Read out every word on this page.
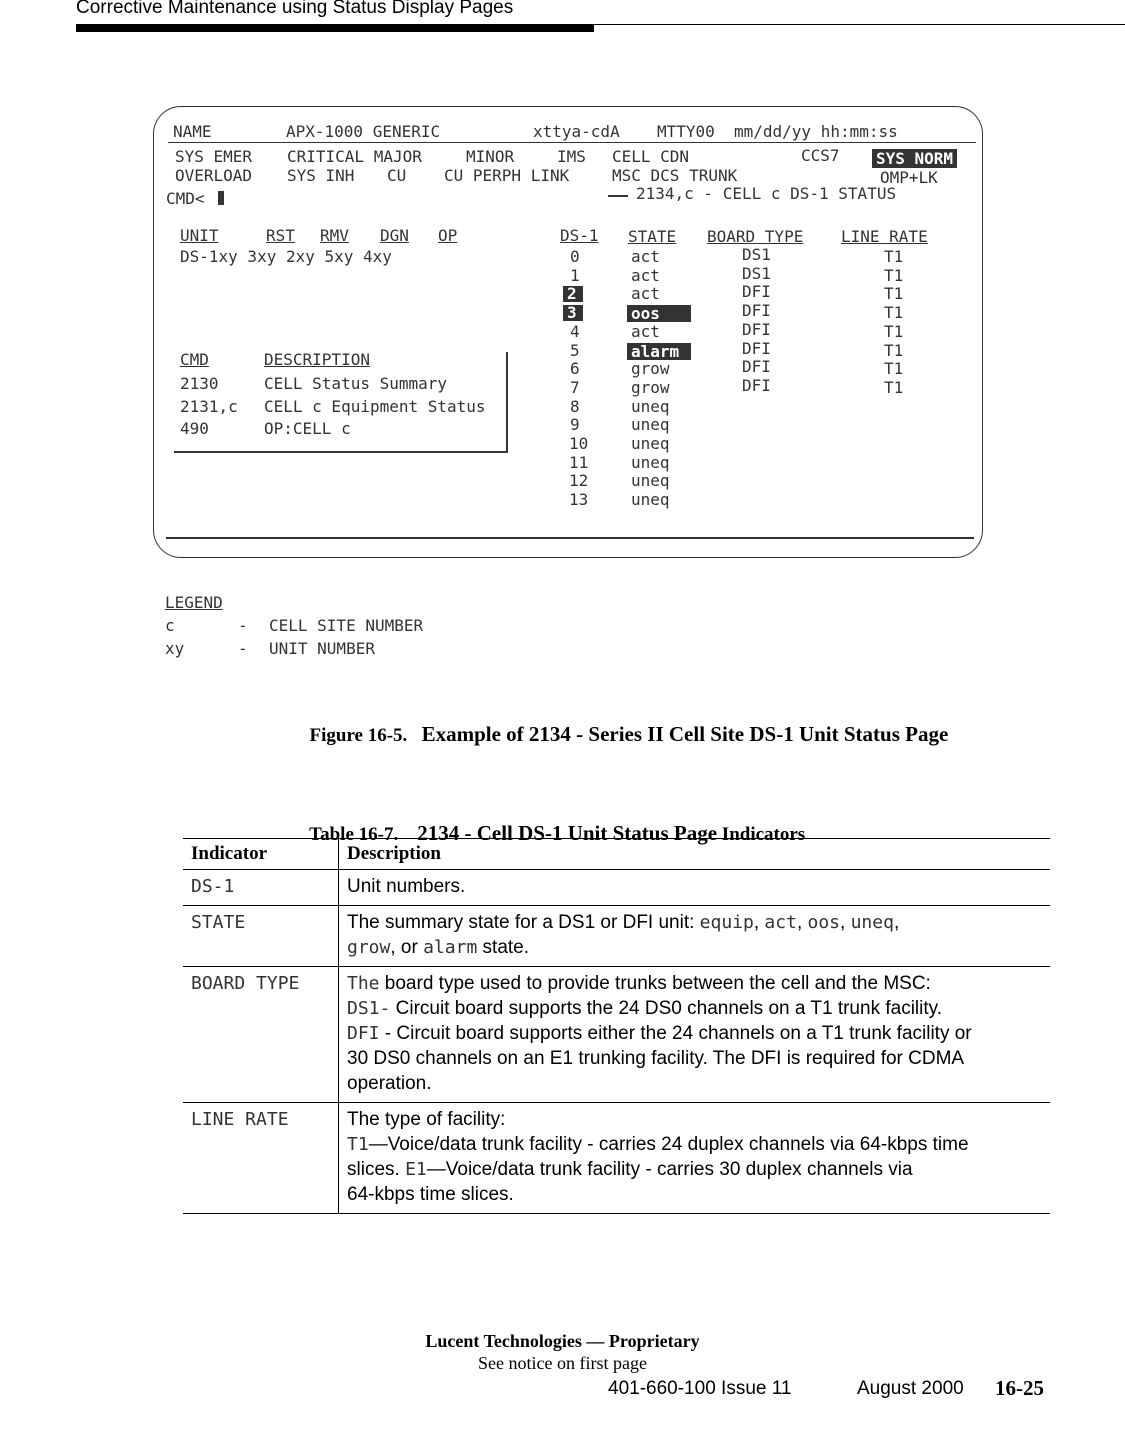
Corrective Maintenance using Status Display Pages
NAME	APX-1000 GENERIC	xttya-cdA MTTY00 mm/dd/yy hh:mm:ss
SYS EMER CRITICAL MAJOR	MINOR	IMS CELL CDN	CCS7 SYS NORM
OVERLOAD SYS INH CU CU PERPH LINK	MSC DCS TRUNK	OMP+LK
CMD<	2134,c - CELL c DS-1 STATUS
UNIT	RST RMV DGN OP
DS-1xy 3xy 2xy 5xy 4xy
CMD	DESCRIPTION
2130	CELL Status Summary
2131,c CELL c Equipment Status
490	OP:CELL c
DS-1 STATE BOARD TYPE LINE RATE
0	act	DS1	T1
1	act	DS1	T1
2	act	DFI	T1
3	oos	DFI	T1
4	act	DFI	T1
5	alarm	DFI	T1
6	grow	DFI	T1
7	grow	DFI	T1
8	uneq
9	uneq
10	uneq
11	uneq
12	uneq
13	uneq
LEGEND
c	- CELL SITE NUMBER
xy	- UNIT NUMBER

Figure 16-5. Example of 2134 - Series II Cell Site DS-1 Unit Status Page

Table 16-7. 2134 - Cell DS-1 Unit Status Page Indicators

Indicator	Description
DS-1	Unit numbers.

STATE	The summary state for a DS1 or DFI unit: equip, act, oos, uneq,
grow, or alarm state.

BOARD TYPE	The board type used to provide trunks between the cell and the MSC:
DS1- Circuit board supports the 24 DS0 channels on a T1 trunk facility.
DFI - Circuit board supports either the 24 channels on a T1 trunk facility or
30 DS0 channels on an E1 trunking facility. The DFI is required for CDMA
operation.

LINE RATE	The type of facility:
T1—Voice/data trunk facility - carries 24 duplex channels via 64-kbps time
slices. E1—Voice/data trunk facility - carries 30 duplex channels via
64-kbps time slices.
Lucent Technologies — Proprietary
See notice on first page
401-660-100 Issue 11	August 2000 16-25
